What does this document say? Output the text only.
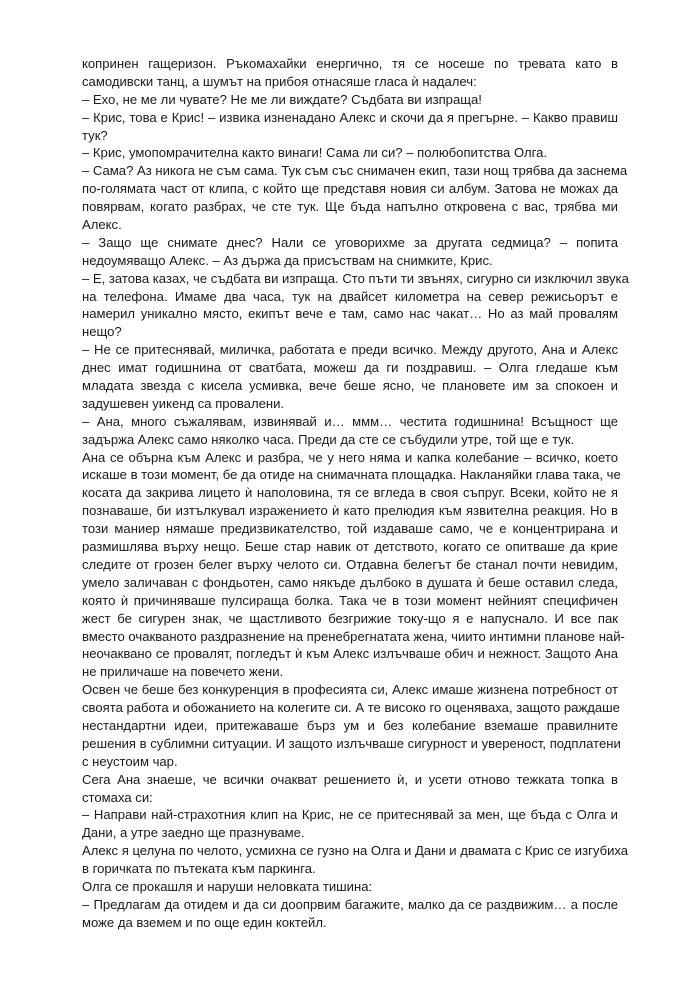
копринен гащеризон. Ръкомахайки енергично, тя се носеше по тревата като в
самодивски танц, а шумът на прибоя отнасяше гласа ѝ надалеч:
– Ехо, не ме ли чувате? Не ме ли виждате? Съдбата ви изпраща!
– Крис, това е Крис! – извика изненадано Алекс и скочи да я прегърне. – Какво правиш
тук?
– Крис, умопомрачителна както винаги! Сама ли си? – полюбопитства Олга.
– Сама? Аз никога не съм сама. Тук съм със снимачен екип, тази нощ трябва да заснема
по-голямата част от клипа, с който ще представя новия си албум. Затова не можах да
повярвам, когато разбрах, че сте тук. Ще бъда напълно откровена с вас, трябва ми
Алекс.
– Защо ще снимате днес? Нали се уговорихме за другата седмица? – попита
недоумяващо Алекс. – Аз държа да присъствам на снимките, Крис.
– Е, затова казах, че съдбата ви изпраща. Сто пъти ти звънях, сигурно си изключил звука
на телефона. Имаме два часа, тук на двайсет километра на север режисьорът е
намерил уникално място, екипът вече е там, само нас чакат… Но аз май провалям
нещо?
– Не се притеснявай, миличка, работата е преди всичко. Между другото, Ана и Алекс
днес имат годишнина от сватбата, можеш да ги поздравиш. – Олга гледаше към
младата звезда с кисела усмивка, вече беше ясно, че плановете им за спокоен и
задушевен уикенд са провалени.
– Ана, много съжалявам, извинявай и… ммм… честита годишнина! Всъщност ще
задържа Алекс само няколко часа. Преди да сте се събудили утре, той ще е тук.
Ана се обърна към Алекс и разбра, че у него няма и капка колебание – всичко, което
искаше в този момент, бе да отиде на снимачната площадка. Накланяйки глава така, че
косата да закрива лицето ѝ наполовина, тя се вгледа в своя съпруг. Всеки, който не я
познаваше, би изтълкувал изражението ѝ като прелюдия към язвителна реакция. Но в
този маниер нямаше предизвикателство, той издаваше само, че е концентрирана и
размишлява върху нещо. Беше стар навик от детството, когато се опитваше да крие
следите от грозен белег върху челото си. Отдавна белегът бе станал почти невидим,
умело заличаван с фондьотен, само някъде дълбоко в душата ѝ беше оставил следа,
която ѝ причиняваше пулсираща болка. Така че в този момент нейният специфичен
жест бе сигурен знак, че щастливото безгрижие току-що я е напуснало. И все пак
вместо очакваното раздразнение на пренебрегнатата жена, чиито интимни планове най-
неочаквано се провалят, погледът ѝ към Алекс излъчваше обич и нежност. Защото Ана
не приличаше на повечето жени.
Освен че беше без конкуренция в професията си, Алекс имаше жизнена потребност от
своята работа и обожанието на колегите си. А те високо го оценяваха, защото раждаше
нестандартни идеи, притежаваше бърз ум и без колебание вземаше правилните
решения в сублимни ситуации. И защото излъчваше сигурност и увереност, подплатени
с неустоим чар.
Сега Ана знаеше, че всички очакват решението ѝ, и усети отново тежката топка в
стомаха си:
– Направи най-страхотния клип на Крис, не се притеснявай за мен, ще бъда с Олга и
Дани, а утре заедно ще празнуваме.
Алекс я целуна по челото, усмихна се гузно на Олга и Дани и двамата с Крис се изгубиха
в горичката по пътеката към паркинга.
Олга се прокашля и наруши неловката тишина:
– Предлагам да отидем и да си доопрвим багажите, малко да се раздвижим… а после
може да вземем и по още един коктейл.
